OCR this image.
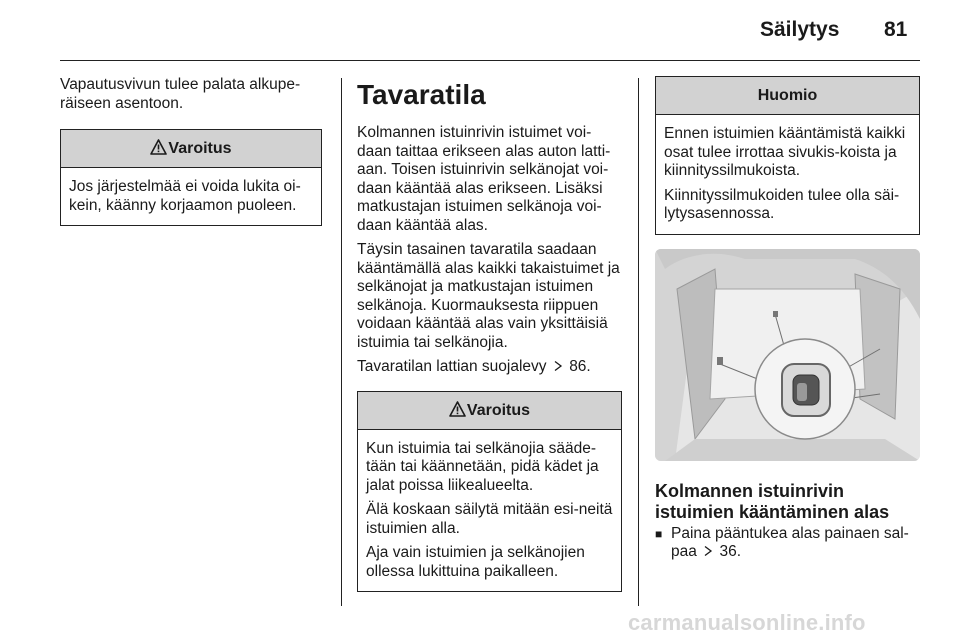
Säilytys 81

Vapautusvivun tulee palata alkupe-räiseen asentoon.

Varoitus

Jos järjestelmää ei voida lukita oi-kein, käänny korjaamon puoleen.

Tavaratila

Kolmannen istuinrivin istuimet voi-daan taittaa erikseen alas auton latti-aan. Toisen istuinrivin selkänojat voi-daan kääntää alas erikseen. Lisäksi matkustajan istuimen selkänoja voi-daan kääntää alas.

Täysin tasainen tavaratila saadaan kääntämällä alas kaikki takaistuimet ja selkänojat ja matkustajan istuimen selkänoja. Kuormauksesta riippuen voidaan kääntää alas vain yksittäisiä istuimia tai selkänojia.

Tavaratilan lattian suojalevy 86.

Varoitus

Kun istuimia tai selkänojia sääde-tään tai käännetään, pidä kädet ja jalat poissa liikealueelta.

Älä koskaan säilytä mitään esi-neitä istuimien alla.

Aja vain istuimien ja selkänojien ollessa lukittuina paikalleen.

Huomio

Ennen istuimien kääntämistä kaikki osat tulee irrottaa sivukis-koista ja kiinnityssilmukoista.

Kiinnityssilmukoiden tulee olla säi-lytysasennossa.

Kolmannen istuinrivin istuimien kääntäminen alas
■ Paina pääntukea alas painaen sal-paa 36.

carmanualsonline.info
